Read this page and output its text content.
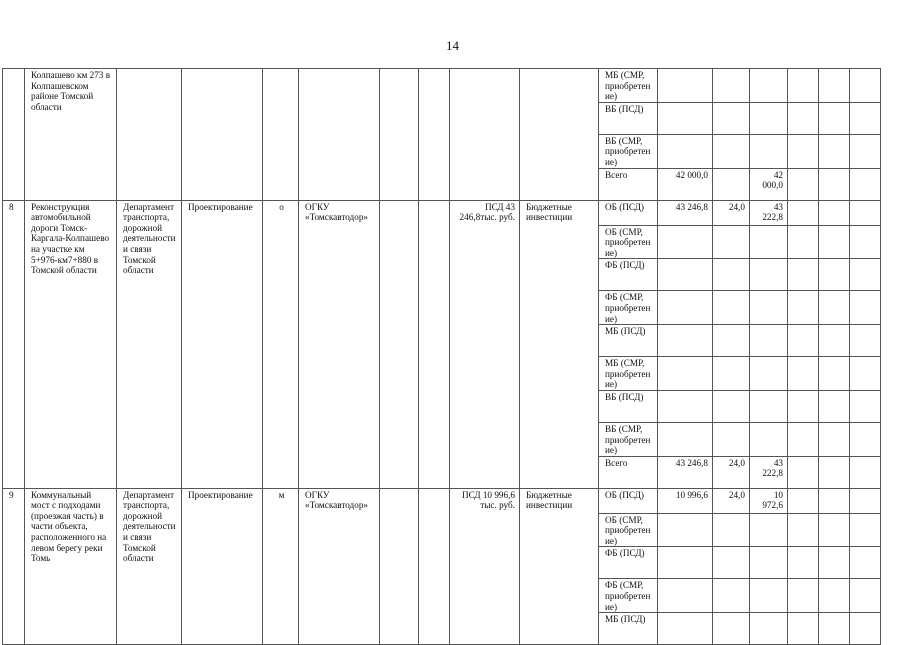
14
	Колпашево км 273 в Колпашевском районе Томской области									МБ (СМР, приобретение)						
										ВБ (ПСД)						
										ВБ (СМР, приобретение)						
										Всего	42 000,0		42 000,0			
8	Реконструкция автомобильной дороги Томск-Каргала-Колпашево на участке км 5+976-км7+880 в Томской области	Департамент транспорта, дорожной деятельности и связи Томской области	Проектирование	о	ОГКУ «Томскавтодор»			ПСД 43 246,8тыс. руб.	Бюджетные инвестиции	ОБ (ПСД)	43 246,8	24,0	43 222,8			
										ОБ (СМР, приобретение)						
										ФБ (ПСД)						
										ФБ (СМР, приобретение)						
										МБ (ПСД)						
										МБ (СМР, приобретение)						
										ВБ (ПСД)						
										ВБ (СМР, приобретение)						
										Всего	43 246,8	24,0	43 222,8			
9	Коммунальный мост с подходами (проезжая часть) в части объекта, расположенного на левом берегу реки Томь	Департамент транспорта, дорожной деятельности и связи Томской области	Проектирование	м	ОГКУ «Томскавтодор»			ПСД 10 996,6 тыс. руб.	Бюджетные инвестиции	ОБ (ПСД)	10 996,6	24,0	10 972,6			
										ОБ (СМР, приобретение)						
										ФБ (ПСД)						
										ФБ (СМР, приобретение)						
										МБ (ПСД)						
